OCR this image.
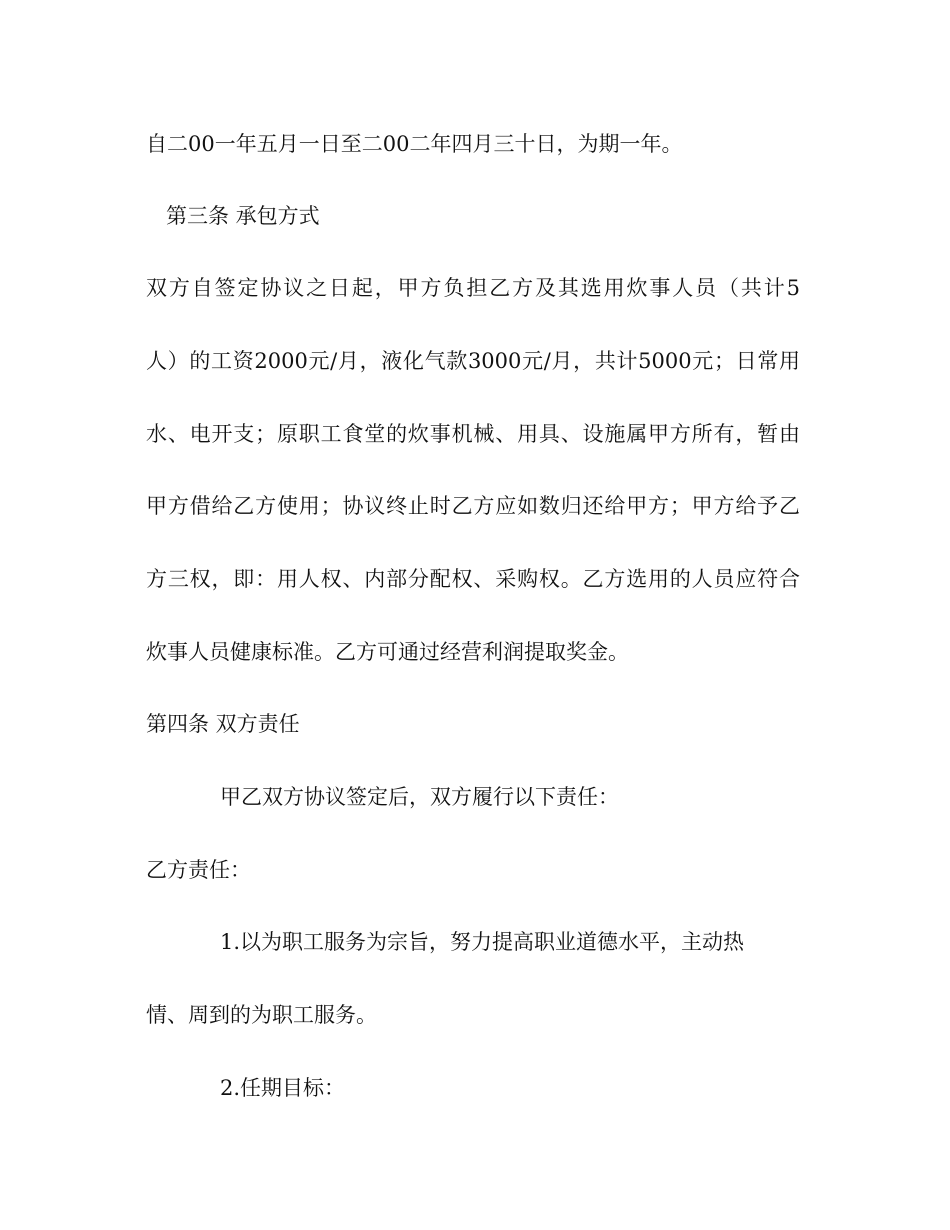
自二00一年五月一日至二00二年四月三十日，为期一年。
第三条 承包方式
双方自签定协议之日起，甲方负担乙方及其选用炊事人员（共计5
人）的工资2000元/月，液化气款3000元/月，共计5000元；日常用
水、电开支；原职工食堂的炊事机械、用具、设施属甲方所有，暂由
甲方借给乙方使用；协议终止时乙方应如数归还给甲方；甲方给予乙
方三权，即：用人权、内部分配权、采购权。乙方选用的人员应符合
炊事人员健康标准。乙方可通过经营利润提取奖金。
第四条 双方责任
甲乙双方协议签定后，双方履行以下责任：
乙方责任：
1.以为职工服务为宗旨，努力提高职业道德水平，主动热
情、周到的为职工服务。
2.任期目标：
